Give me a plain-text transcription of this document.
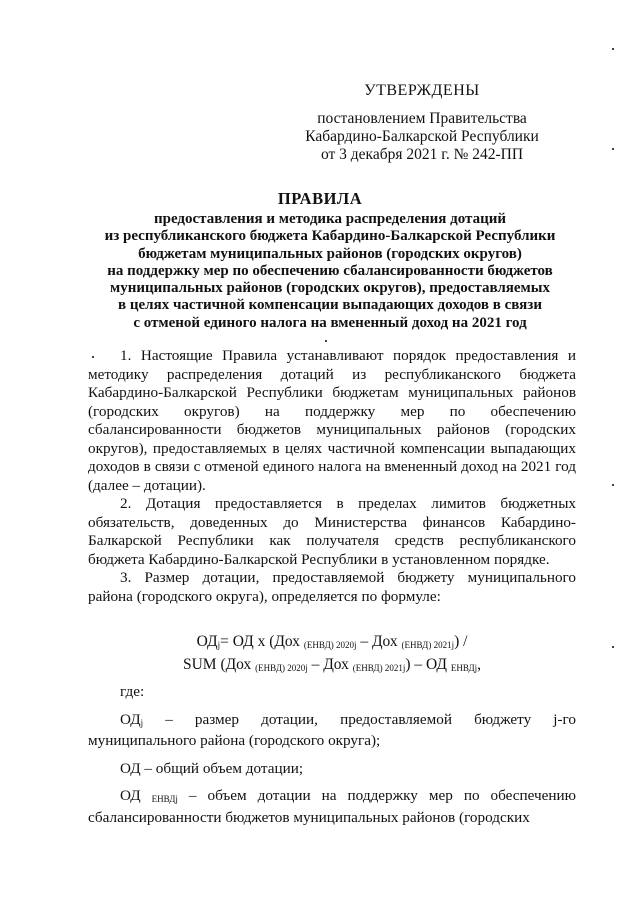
УТВЕРЖДЕНЫ
постановлением Правительства
Кабардино-Балкарской Республики
от 3 декабря 2021 г. № 242-ПП
ПРАВИЛА
предоставления и методика распределения дотаций
из республиканского бюджета Кабардино-Балкарской Республики
бюджетам муниципальных районов (городских округов)
на поддержку мер по обеспечению сбалансированности бюджетов
муниципальных районов (городских округов), предоставляемых
в целях частичной компенсации выпадающих доходов в связи
с отменой единого налога на вмененный доход на 2021 год

1. Настоящие Правила устанавливают порядок предоставления и методику распределения дотаций из республиканского бюджета Кабардино-Балкарской Республики бюджетам муниципальных районов (городских округов) на поддержку мер по обеспечению сбалансированности бюджетов муниципальных районов (городских округов), предоставляемых в целях частичной компенсации выпадающих доходов в связи с отменой единого налога на вмененный доход на 2021 год (далее – дотации).

2. Дотация предоставляется в пределах лимитов бюджетных обязательств, доведенных до Министерства финансов Кабардино-Балкарской Республики как получателя средств республиканского бюджета Кабардино-Балкарской Республики в установленном порядке.

3. Размер дотации, предоставляемой бюджету муниципального района (городского округа), определяется по формуле:

$ОД_j=$ ОД х (Дох $_{(ЕНВД) 2020j}$ – Дох $_{(ЕНВД) 2021j}$) /
SUM (Дох $_{(ЕНВД) 2020j}$ – Дох $_{(ЕНВД) 2021j}$) – ОД $_{ЕНВДj}$,

где:

$ОД_j$ – размер дотации, предоставляемой бюджету j-го муниципального района (городского округа);

ОД – общий объем дотации;

ОД $_{ЕНВДj}$ – объем дотации на поддержку мер по обеспечению сбалансированности бюджетов муниципальных районов (городских
